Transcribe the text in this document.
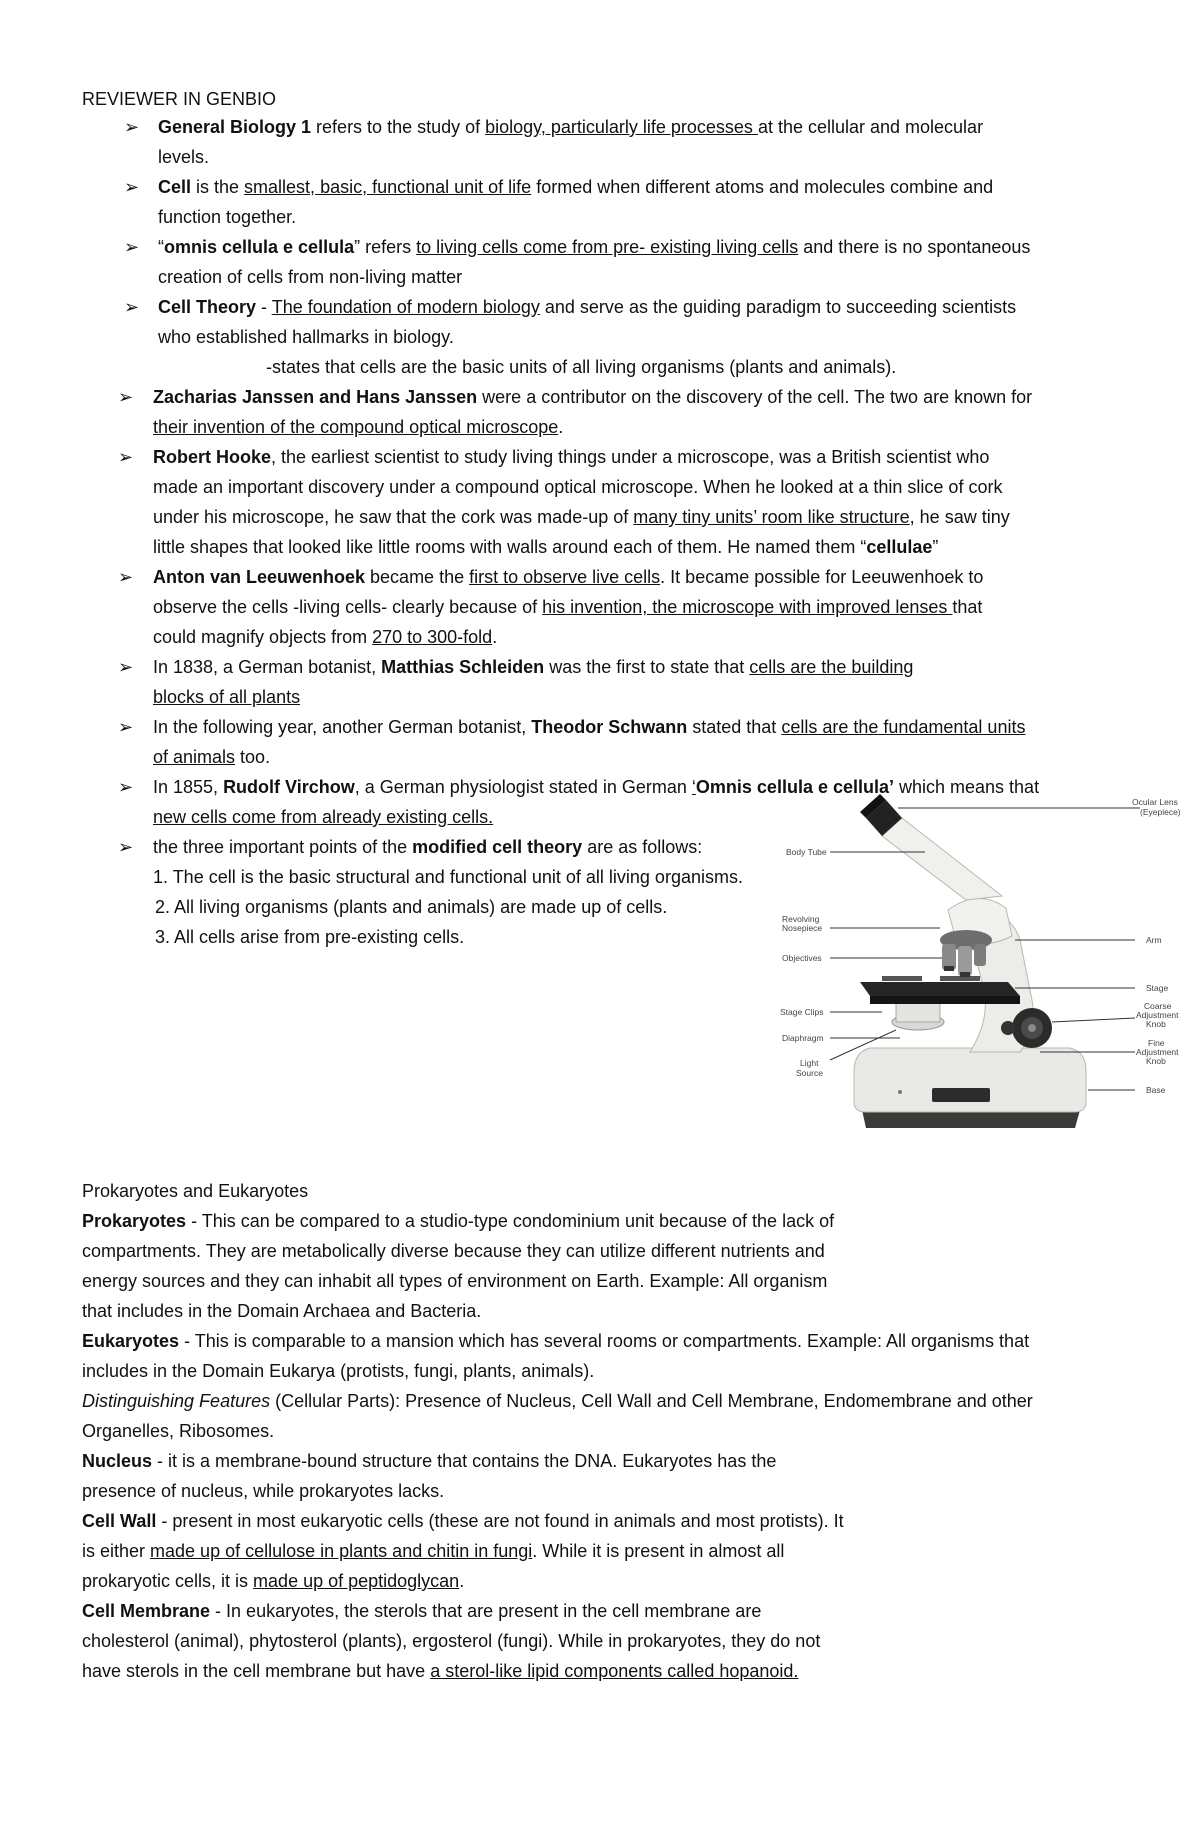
REVIEWER IN GENBIO
➢ General Biology 1 refers to the study of biology, particularly life processes at the cellular and molecular
levels.
➢ Cell is the smallest, basic, functional unit of life formed when different atoms and molecules combine and
function together.
➢ “omnis cellula e cellula” refers to living cells come from pre- existing living cells and there is no spontaneous
creation of cells from non-living matter
➢ Cell Theory - The foundation of modern biology and serve as the guiding paradigm to succeeding scientists
who established hallmarks in biology.
-states that cells are the basic units of all living organisms (plants and animals).
➢ Zacharias Janssen and Hans Janssen were a contributor on the discovery of the cell. The two are known for
their invention of the compound optical microscope.
➢ Robert Hooke, the earliest scientist to study living things under a microscope, was a British scientist who
made an important discovery under a compound optical microscope. When he looked at a thin slice of cork
under his microscope, he saw that the cork was made-up of many tiny units’ room like structure, he saw tiny
little shapes that looked like little rooms with walls around each of them. He named them “cellulae”
➢ Anton van Leeuwenhoek became the first to observe live cells. It became possible for Leeuwenhoek to
observe the cells -living cells- clearly because of his invention, the microscope with improved lenses that
could magnify objects from 270 to 300-fold.
➢ In 1838, a German botanist, Matthias Schleiden was the first to state that cells are the building
blocks of all plants
➢ In the following year, another German botanist, Theodor Schwann stated that cells are the fundamental units
of animals too.
➢ In 1855, Rudolf Virchow, a German physiologist stated in German ‘Omnis cellula e cellula’ which means that
new cells come from already existing cells.
➢ the three important points of the modified cell theory are as follows:
1. The cell is the basic structural and functional unit of all living organisms.
2. All living organisms (plants and animals) are made up of cells.
3. All cells arise from pre-existing cells.
Ocular Lens
(Eyepiece)
Body Tube
Revolving
Nosepiece
Objectives
Arm
Stage
Stage Clips
Coarse
Adjustment
Knob
Diaphragm	Fine
Adjustment
Knob
Light
Source
Base
Prokaryotes and Eukaryotes
Prokaryotes - This can be compared to a studio-type condominium unit because of the lack of
compartments. They are metabolically diverse because they can utilize different nutrients and
energy sources and they can inhabit all types of environment on Earth. Example: All organism
that includes in the Domain Archaea and Bacteria.
Eukaryotes - This is comparable to a mansion which has several rooms or compartments. Example: All organisms that
includes in the Domain Eukarya (protists, fungi, plants, animals).
Distinguishing Features (Cellular Parts): Presence of Nucleus, Cell Wall and Cell Membrane, Endomembrane and other
Organelles, Ribosomes.
Nucleus - it is a membrane-bound structure that contains the DNA. Eukaryotes has the
presence of nucleus, while prokaryotes lacks.
Cell Wall - present in most eukaryotic cells (these are not found in animals and most protists). It
is either made up of cellulose in plants and chitin in fungi. While it is present in almost all
prokaryotic cells, it is made up of peptidoglycan.
Cell Membrane - In eukaryotes, the sterols that are present in the cell membrane are
cholesterol (animal), phytosterol (plants), ergosterol (fungi). While in prokaryotes, they do not
have sterols in the cell membrane but have a sterol-like lipid components called hopanoid.
